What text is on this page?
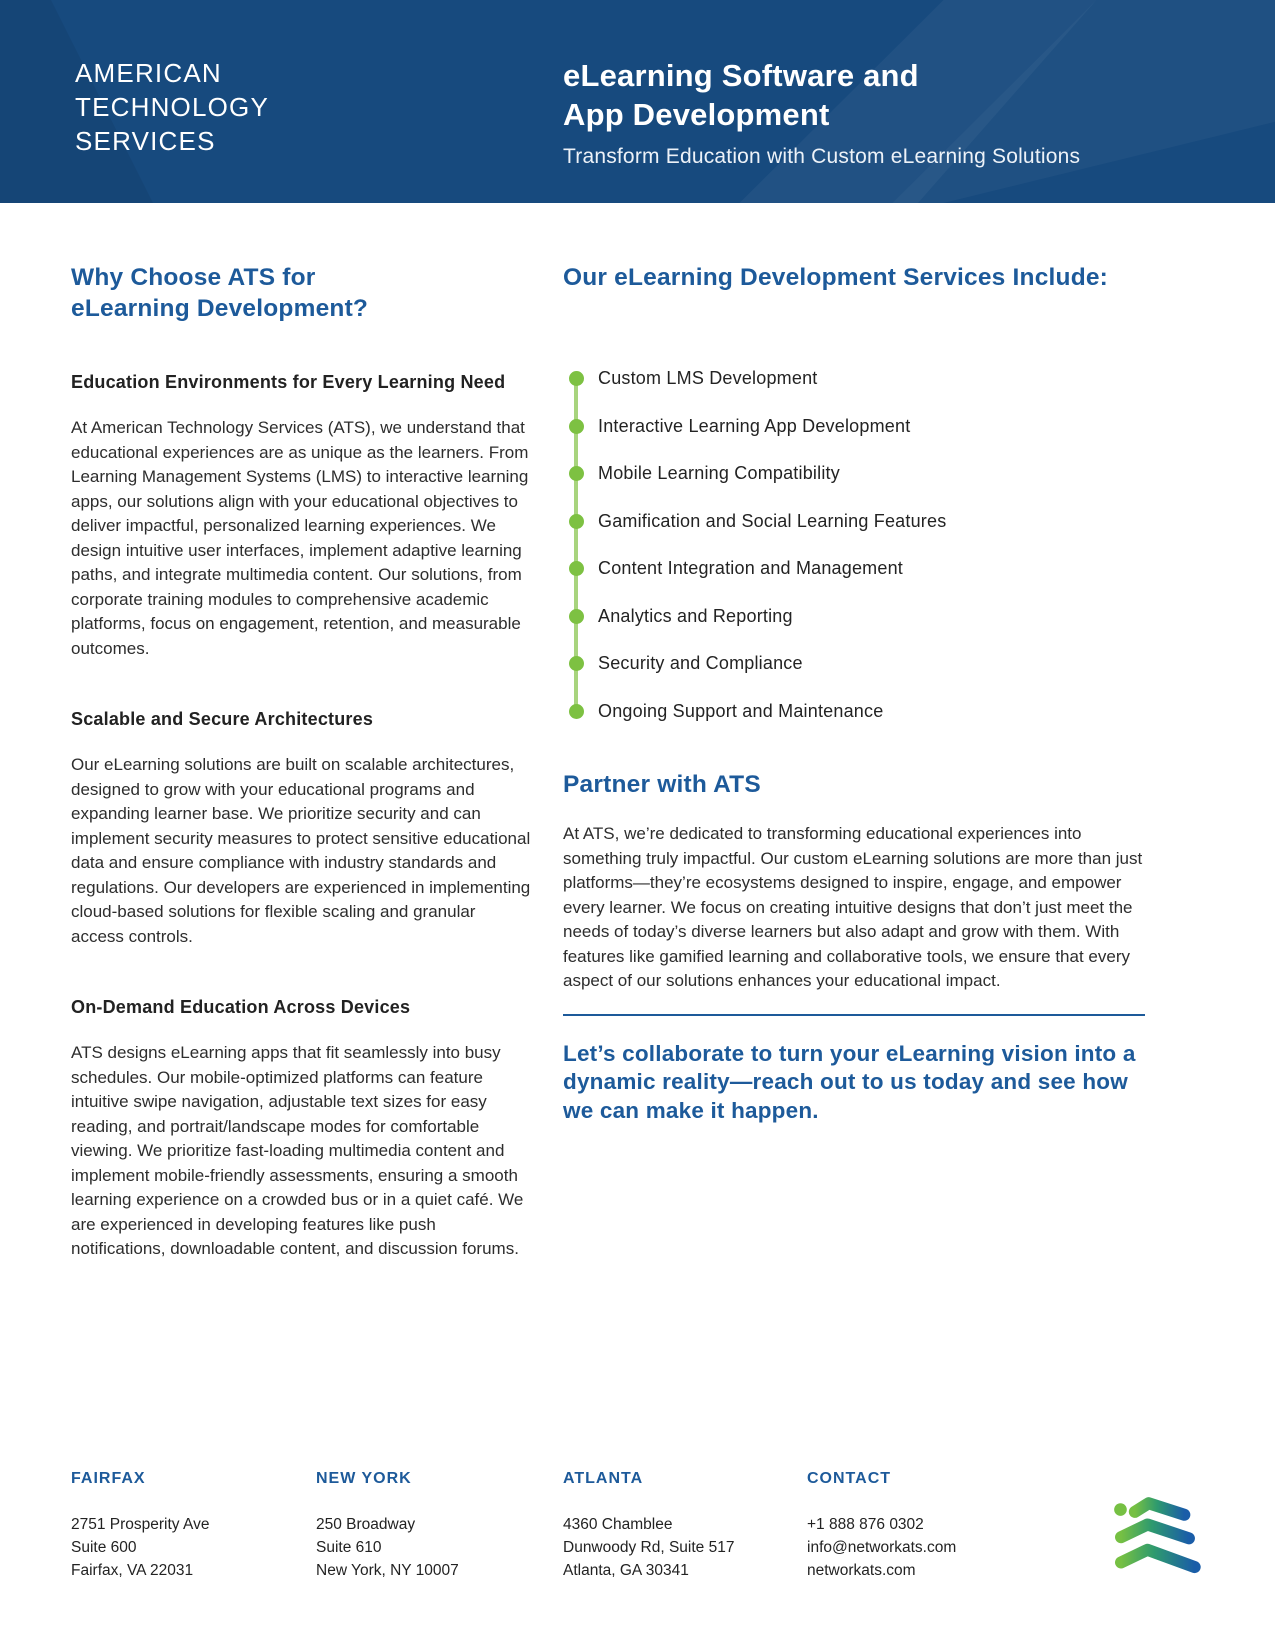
AMERICAN
TECHNOLOGY
SERVICES
eLearning Software and
App Development
Transform Education with Custom eLearning Solutions
Why Choose ATS for
eLearning Development?
Education Environments for Every Learning Need

At American Technology Services (ATS), we understand that educational experiences are as unique as the learners. From Learning Management Systems (LMS) to interactive learning apps, our solutions align with your educational objectives to deliver impactful, personalized learning experiences. We design intuitive user interfaces, implement adaptive learning paths, and integrate multimedia content. Our solutions, from corporate training modules to comprehensive academic platforms, focus on engagement, retention, and measurable outcomes.

Scalable and Secure Architectures

Our eLearning solutions are built on scalable architectures, designed to grow with your educational programs and expanding learner base. We prioritize security and can implement security measures to protect sensitive educational data and ensure compliance with industry standards and regulations. Our developers are experienced in implementing cloud-based solutions for flexible scaling and granular access controls.

On-Demand Education Across Devices

ATS designs eLearning apps that fit seamlessly into busy schedules. Our mobile-optimized platforms can feature intuitive swipe navigation, adjustable text sizes for easy reading, and portrait/landscape modes for comfortable viewing. We prioritize fast-loading multimedia content and implement mobile-friendly assessments, ensuring a smooth learning experience on a crowded bus or in a quiet café. We are experienced in developing features like push notifications, downloadable content, and discussion forums.

Our eLearning Development Services Include:
Custom LMS Development
Interactive Learning App Development
Mobile Learning Compatibility
Gamification and Social Learning Features
Content Integration and Management
Analytics and Reporting
Security and Compliance
Ongoing Support and Maintenance
Partner with ATS

At ATS, we’re dedicated to transforming educational experiences into something truly impactful. Our custom eLearning solutions are more than just platforms—they’re ecosystems designed to inspire, engage, and empower every learner. We focus on creating intuitive designs that don’t just meet the needs of today’s diverse learners but also adapt and grow with them. With features like gamified learning and collaborative tools, we ensure that every aspect of our solutions enhances your educational impact.

Let’s collaborate to turn your eLearning vision into a dynamic reality—reach out to us today and see how we can make it happen.
FAIRFAX
2751 Prosperity Ave
Suite 600
Fairfax, VA 22031
NEW YORK
250 Broadway
Suite 610
New York, NY 10007
ATLANTA
4360 Chamblee
Dunwoody Rd, Suite 517
Atlanta, GA 30341
CONTACT
+1 888 876 0302
info@networkats.com
networkats.com
